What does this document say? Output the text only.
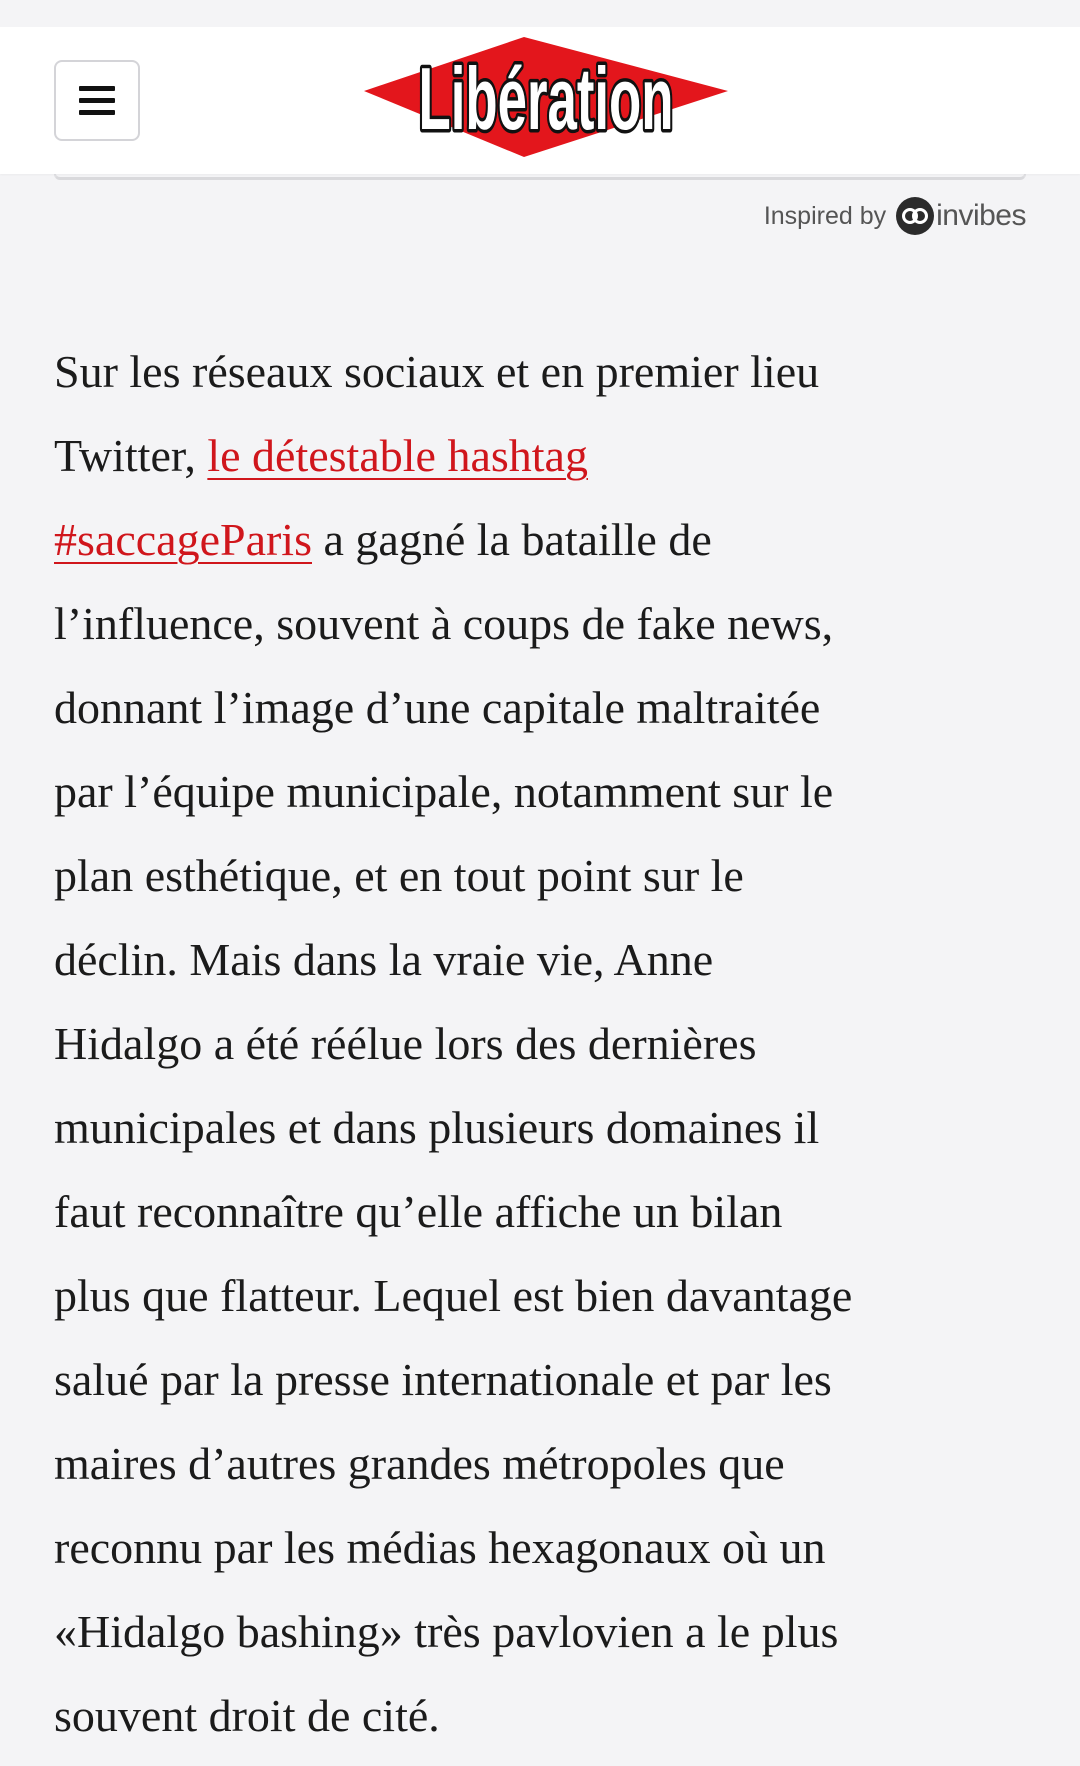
Libération
Libération
Inspired by invibes
Sur les réseaux sociaux et en premier lieu
Twitter, le détestable hashtag
#saccageParis a gagné la bataille de
l’influence, souvent à coups de fake news,
donnant l’image d’une capitale maltraitée
par l’équipe municipale, notamment sur le
plan esthétique, et en tout point sur le
déclin. Mais dans la vraie vie, Anne
Hidalgo a été réélue lors des dernières
municipales et dans plusieurs domaines il
faut reconnaître qu’elle affiche un bilan
plus que flatteur. Lequel est bien davantage
salué par la presse internationale et par les
maires d’autres grandes métropoles que
reconnu par les médias hexagonaux où un
«Hidalgo bashing» très pavlovien a le plus
souvent droit de cité.
